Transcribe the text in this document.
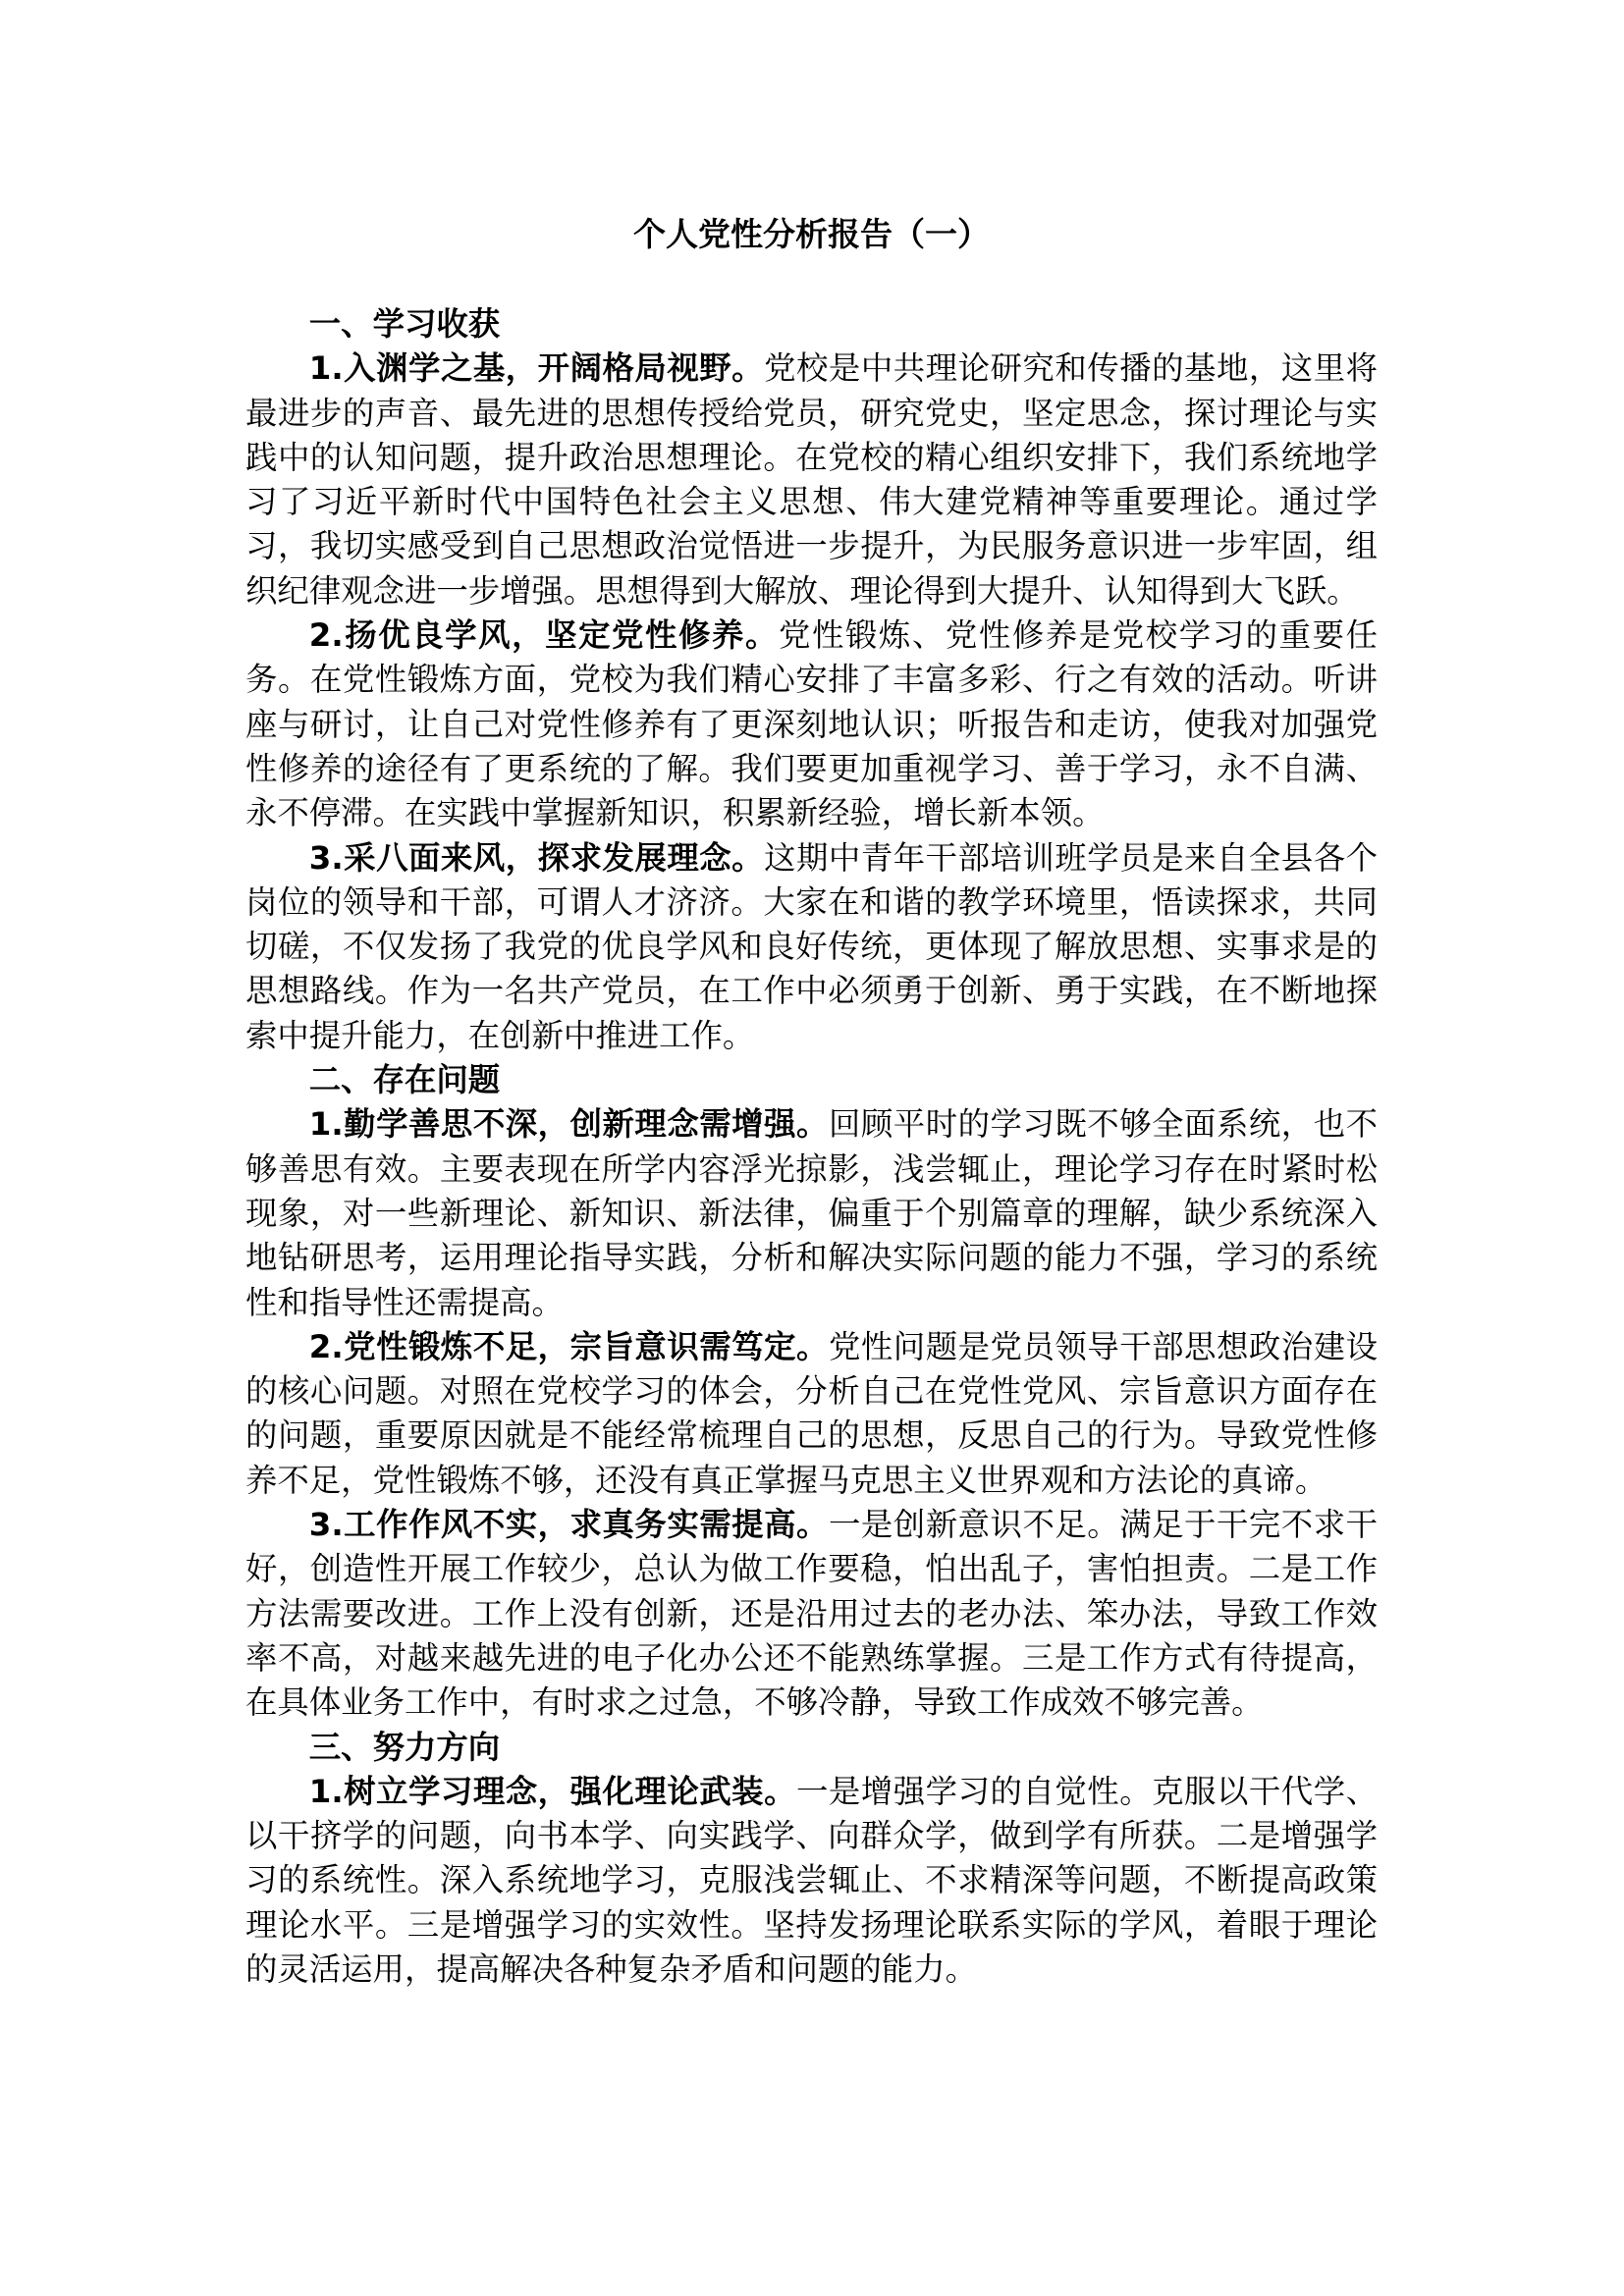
个人党性分析报告（一）

一、学习收获

1.入渊学之基，开阔格局视野。党校是中共理论研究和传播的基地，这里将最进步的声音、最先进的思想传授给党员，研究党史，坚定思念，探讨理论与实践中的认知问题，提升政治思想理论。在党校的精心组织安排下，我们系统地学习了习近平新时代中国特色社会主义思想、伟大建党精神等重要理论。通过学习，我切实感受到自己思想政治觉悟进一步提升，为民服务意识进一步牢固，组织纪律观念进一步增强。思想得到大解放、理论得到大提升、认知得到大飞跃。

2.扬优良学风，坚定党性修养。党性锻炼、党性修养是党校学习的重要任务。在党性锻炼方面，党校为我们精心安排了丰富多彩、行之有效的活动。听讲座与研讨，让自己对党性修养有了更深刻地认识；听报告和走访，使我对加强党性修养的途径有了更系统的了解。我们要更加重视学习、善于学习，永不自满、永不停滞。在实践中掌握新知识，积累新经验，增长新本领。

3.采八面来风，探求发展理念。这期中青年干部培训班学员是来自全县各个岗位的领导和干部，可谓人才济济。大家在和谐的教学环境里，悟读探求，共同切磋，不仅发扬了我党的优良学风和良好传统，更体现了解放思想、实事求是的思想路线。作为一名共产党员，在工作中必须勇于创新、勇于实践，在不断地探索中提升能力，在创新中推进工作。

二、存在问题

1.勤学善思不深，创新理念需增强。回顾平时的学习既不够全面系统，也不够善思有效。主要表现在所学内容浮光掠影，浅尝辄止，理论学习存在时紧时松现象，对一些新理论、新知识、新法律，偏重于个别篇章的理解，缺少系统深入地钻研思考，运用理论指导实践，分析和解决实际问题的能力不强，学习的系统性和指导性还需提高。

2.党性锻炼不足，宗旨意识需笃定。党性问题是党员领导干部思想政治建设的核心问题。对照在党校学习的体会，分析自己在党性党风、宗旨意识方面存在的问题，重要原因就是不能经常梳理自己的思想，反思自己的行为。导致党性修养不足，党性锻炼不够，还没有真正掌握马克思主义世界观和方法论的真谛。

3.工作作风不实，求真务实需提高。一是创新意识不足。满足于干完不求干好，创造性开展工作较少，总认为做工作要稳，怕出乱子，害怕担责。二是工作方法需要改进。工作上没有创新，还是沿用过去的老办法、笨办法，导致工作效率不高，对越来越先进的电子化办公还不能熟练掌握。三是工作方式有待提高，在具体业务工作中，有时求之过急，不够冷静，导致工作成效不够完善。

三、努力方向

1.树立学习理念，强化理论武装。一是增强学习的自觉性。克服以干代学、以干挤学的问题，向书本学、向实践学、向群众学，做到学有所获。二是增强学习的系统性。深入系统地学习，克服浅尝辄止、不求精深等问题，不断提高政策理论水平。三是增强学习的实效性。坚持发扬理论联系实际的学风，着眼于理论的灵活运用，提高解决各种复杂矛盾和问题的能力。
